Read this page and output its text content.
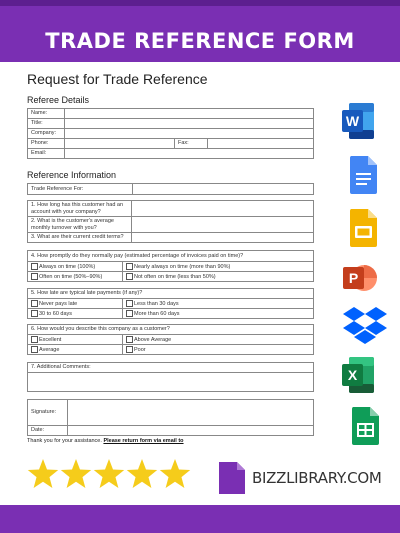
TRADE REFERENCE FORM
Request for Trade Reference
Referee Details
Name:			
Title:			
Company:			
Phone:		Fax:	
Email:			
Reference Information
Trade Reference For:	
1. How long has this customer had an account with your company?	
2. What is the customer's average monthly turnover with you?	
3. What are their current credit terms?	
4. How promptly do they normally pay (estimated percentage of invoices paid on time)?	
Always on time (100%)	Nearly always on time (more than 90%)
Often on time (50%–90%)	Not often on time (less than 50%)
5. How late are typical late payments (if any)?	
Never pays late	Less than 30 days
30 to 60 days	More than 60 days
6. How would you describe this company as a customer?	
Excellent	Above Average
Average	Poor
7. Additional Comments:

Signature:	
Date:	
Thank you for your assistance. Please return form via email to
W
P
X
BIZZLIBRARY.COM
